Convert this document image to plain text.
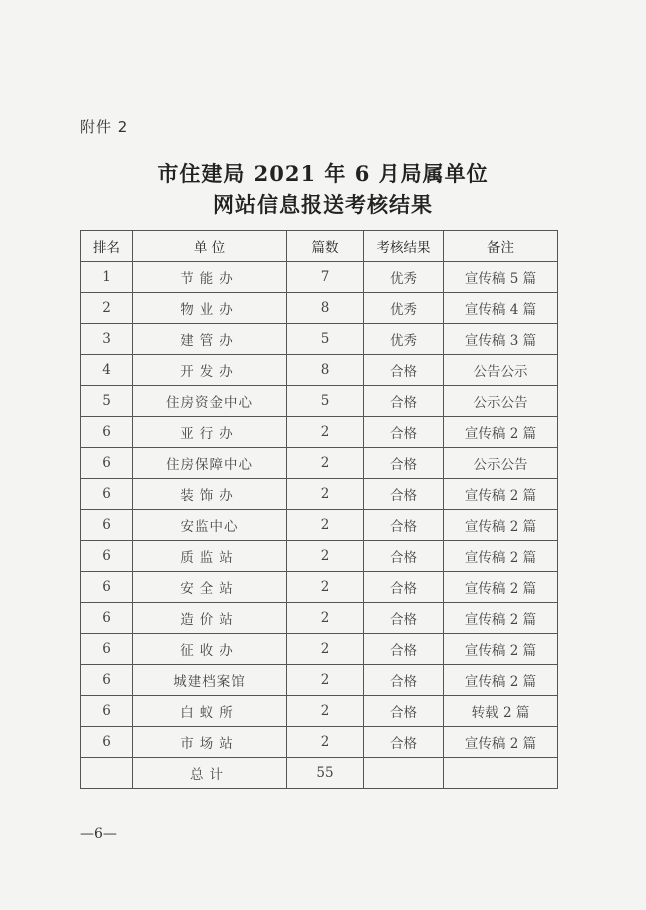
附件 2
市住建局 2021 年 6 月局属单位
网站信息报送考核结果
排名	单 位	篇数	考核结果	备注
1	节能办	7	优秀	宣传稿 5 篇
2	物业办	8	优秀	宣传稿 4 篇
3	建管办	5	优秀	宣传稿 3 篇
4	开发办	8	合格	公告公示
5	住房资金中心	5	合格	公示公告
6	亚行办	2	合格	宣传稿 2 篇
6	住房保障中心	2	合格	公示公告
6	装饰办	2	合格	宣传稿 2 篇
6	安监中心	2	合格	宣传稿 2 篇
6	质监站	2	合格	宣传稿 2 篇
6	安全站	2	合格	宣传稿 2 篇
6	造价站	2	合格	宣传稿 2 篇
6	征收办	2	合格	宣传稿 2 篇
6	城建档案馆	2	合格	宣传稿 2 篇
6	白蚁所	2	合格	转载 2 篇
6	市场站	2	合格	宣传稿 2 篇
	总计	55		
—6—
